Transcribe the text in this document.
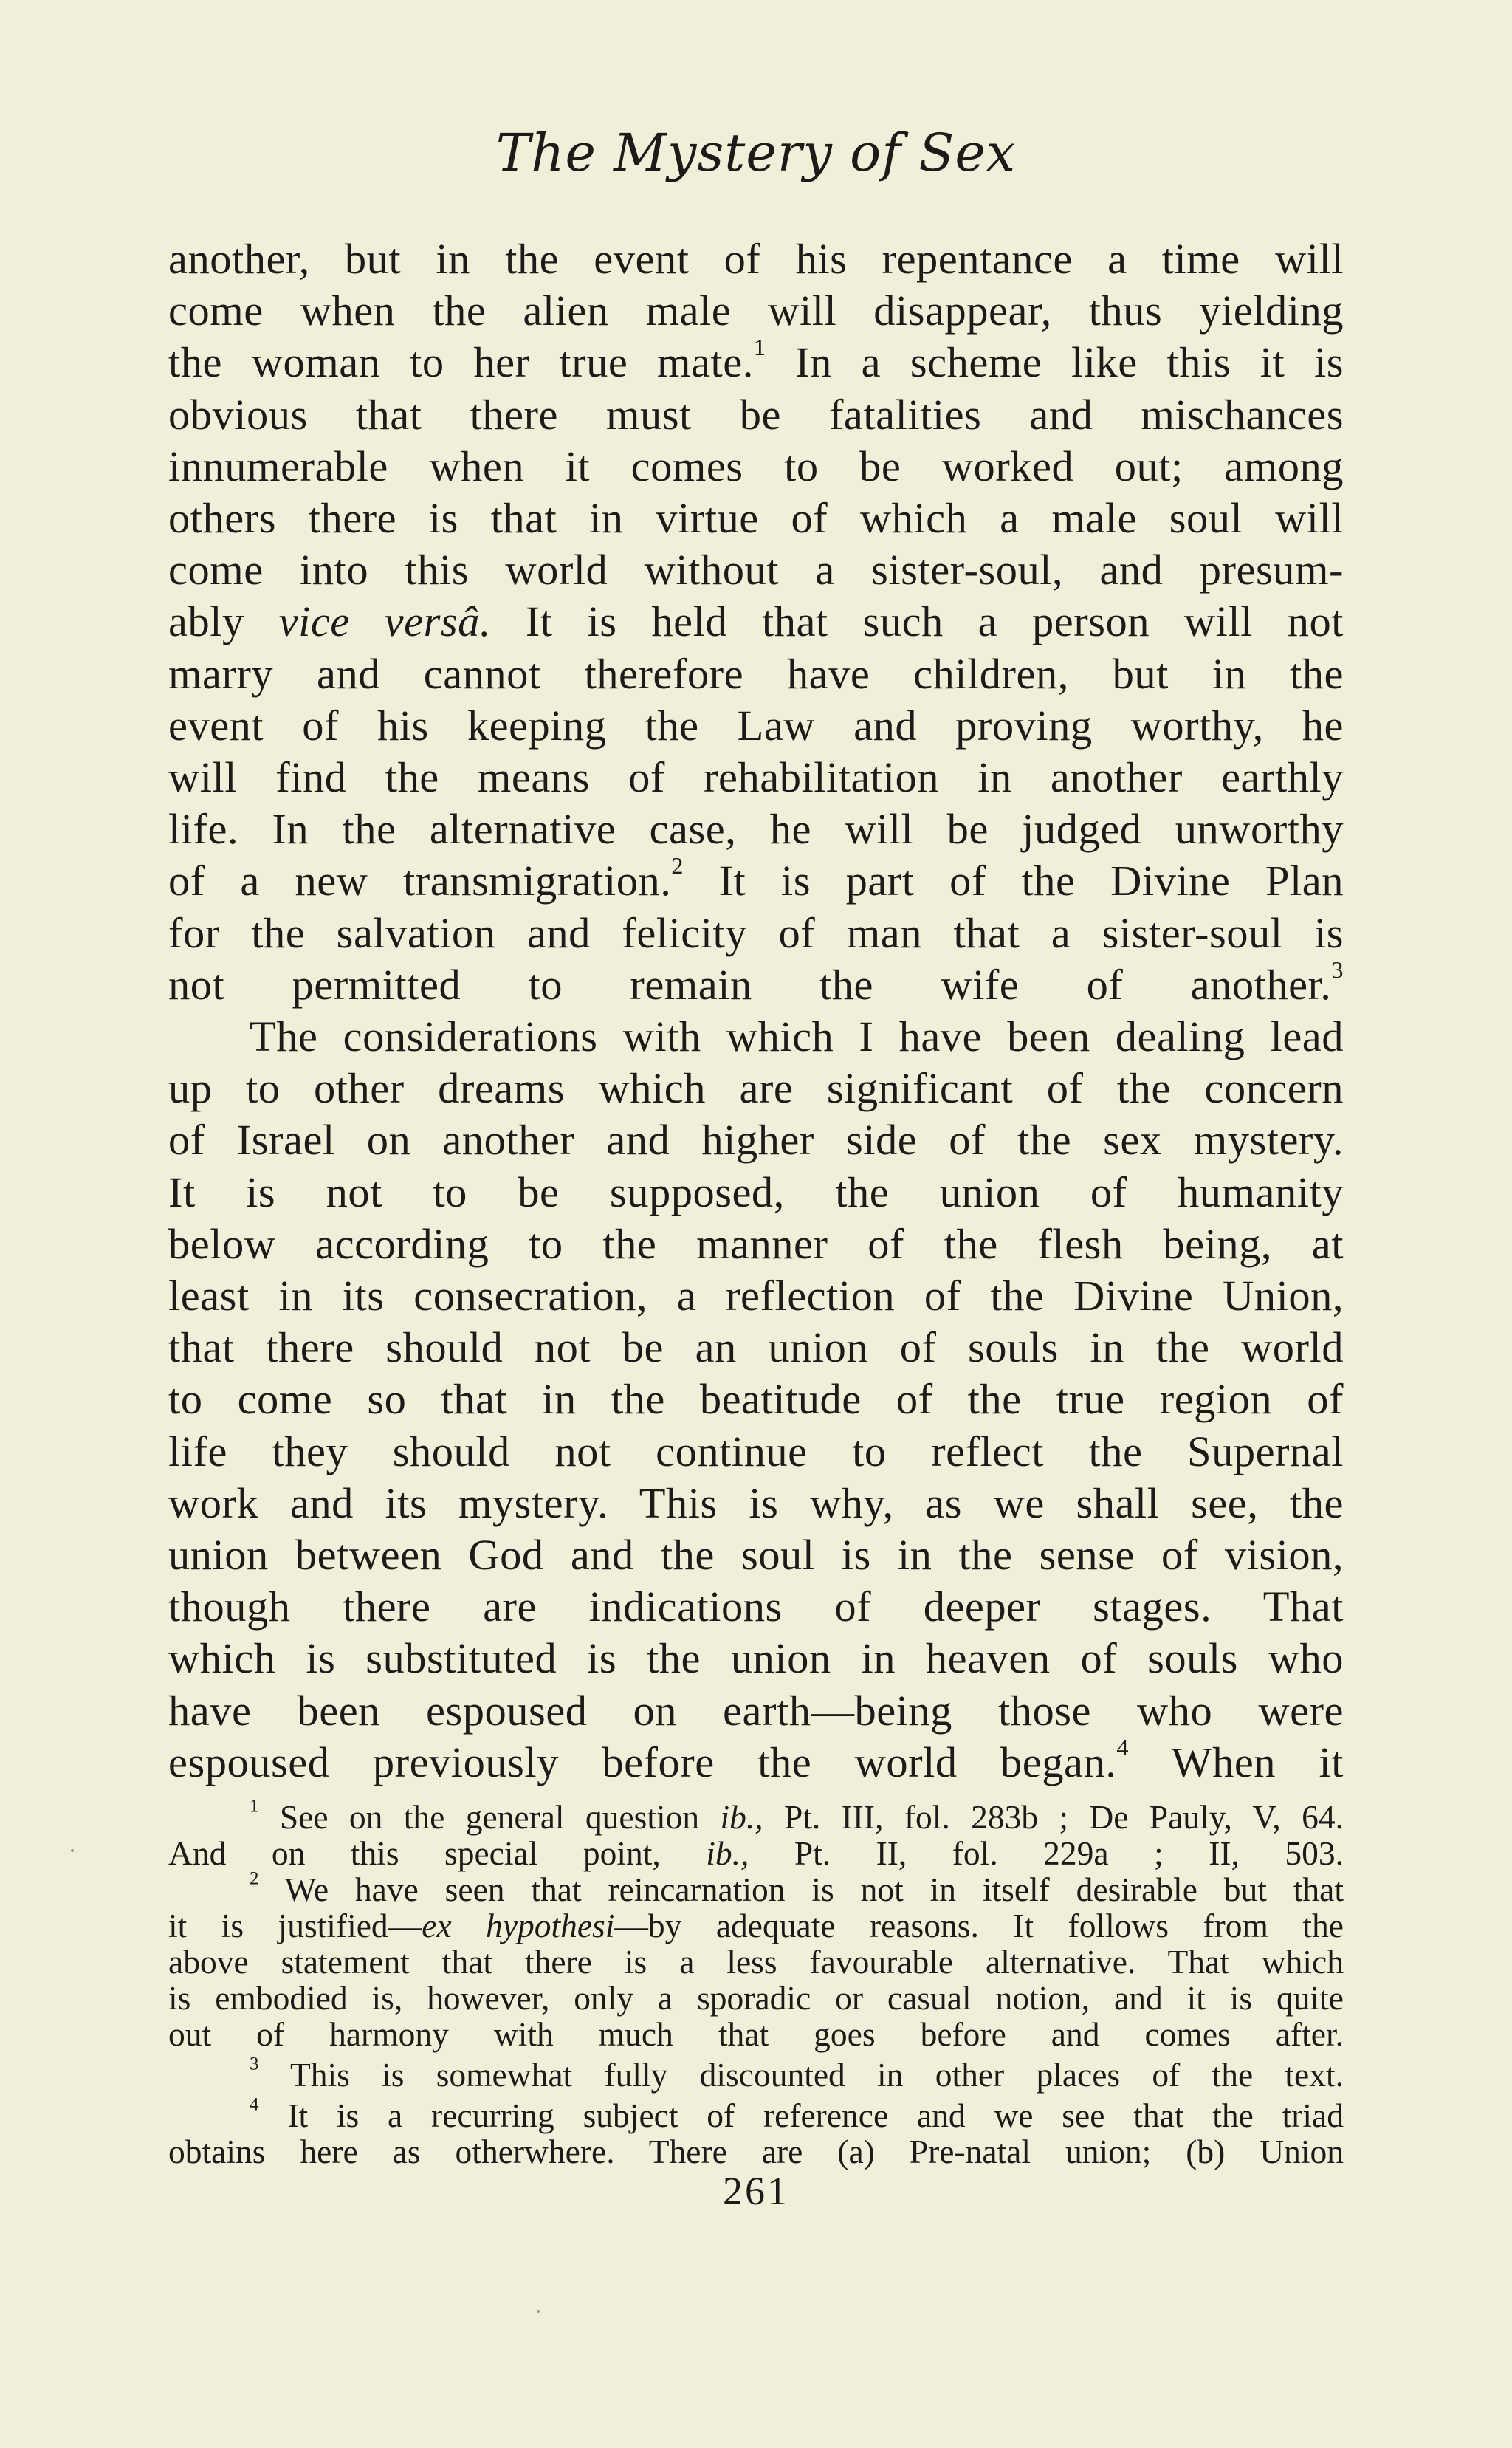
The Mystery of Sex

another, but in the event of his repentance a time will

come when the alien male will disappear, thus yielding

the woman to her true mate.$^1$ In a scheme like this it is

obvious that there must be fatalities and mischances

innumerable when it comes to be worked out; among

others there is that in virtue of which a male soul will

come into this world without a sister-soul, and presum-

ably vice versâ. It is held that such a person will not

marry and cannot therefore have children, but in the

event of his keeping the Law and proving worthy, he

will find the means of rehabilitation in another earthly

life. In the alternative case, he will be judged unworthy

of a new transmigration.$^2$ It is part of the Divine Plan

for the salvation and felicity of man that a sister-soul is

not permitted to remain the wife of another.$^3$

The considerations with which I have been dealing lead

up to other dreams which are significant of the concern

of Israel on another and higher side of the sex mystery.

It is not to be supposed, the union of humanity

below according to the manner of the flesh being, at

least in its consecration, a reflection of the Divine Union,

that there should not be an union of souls in the world

to come so that in the beatitude of the true region of

life they should not continue to reflect the Supernal

work and its mystery. This is why, as we shall see, the

union between God and the soul is in the sense of vision,

though there are indications of deeper stages. That

which is substituted is the union in heaven of souls who

have been espoused on earth—being those who were

espoused previously before the world began.$^4$ When it

$^1$ See on the general question ib., Pt. III, fol. 283b ; De Pauly, V, 64.

And on this special point, ib., Pt. II, fol. 229a ; II, 503.

$^2$ We have seen that reincarnation is not in itself desirable but that

it is justified—ex hypothesi—by adequate reasons. It follows from the

above statement that there is a less favourable alternative. That which

is embodied is, however, only a sporadic or casual notion, and it is quite

out of harmony with much that goes before and comes after.

$^3$ This is somewhat fully discounted in other places of the text.

$^4$ It is a recurring subject of reference and we see that the triad

obtains here as otherwhere. There are (a) Pre-natal union; (b) Union

261
